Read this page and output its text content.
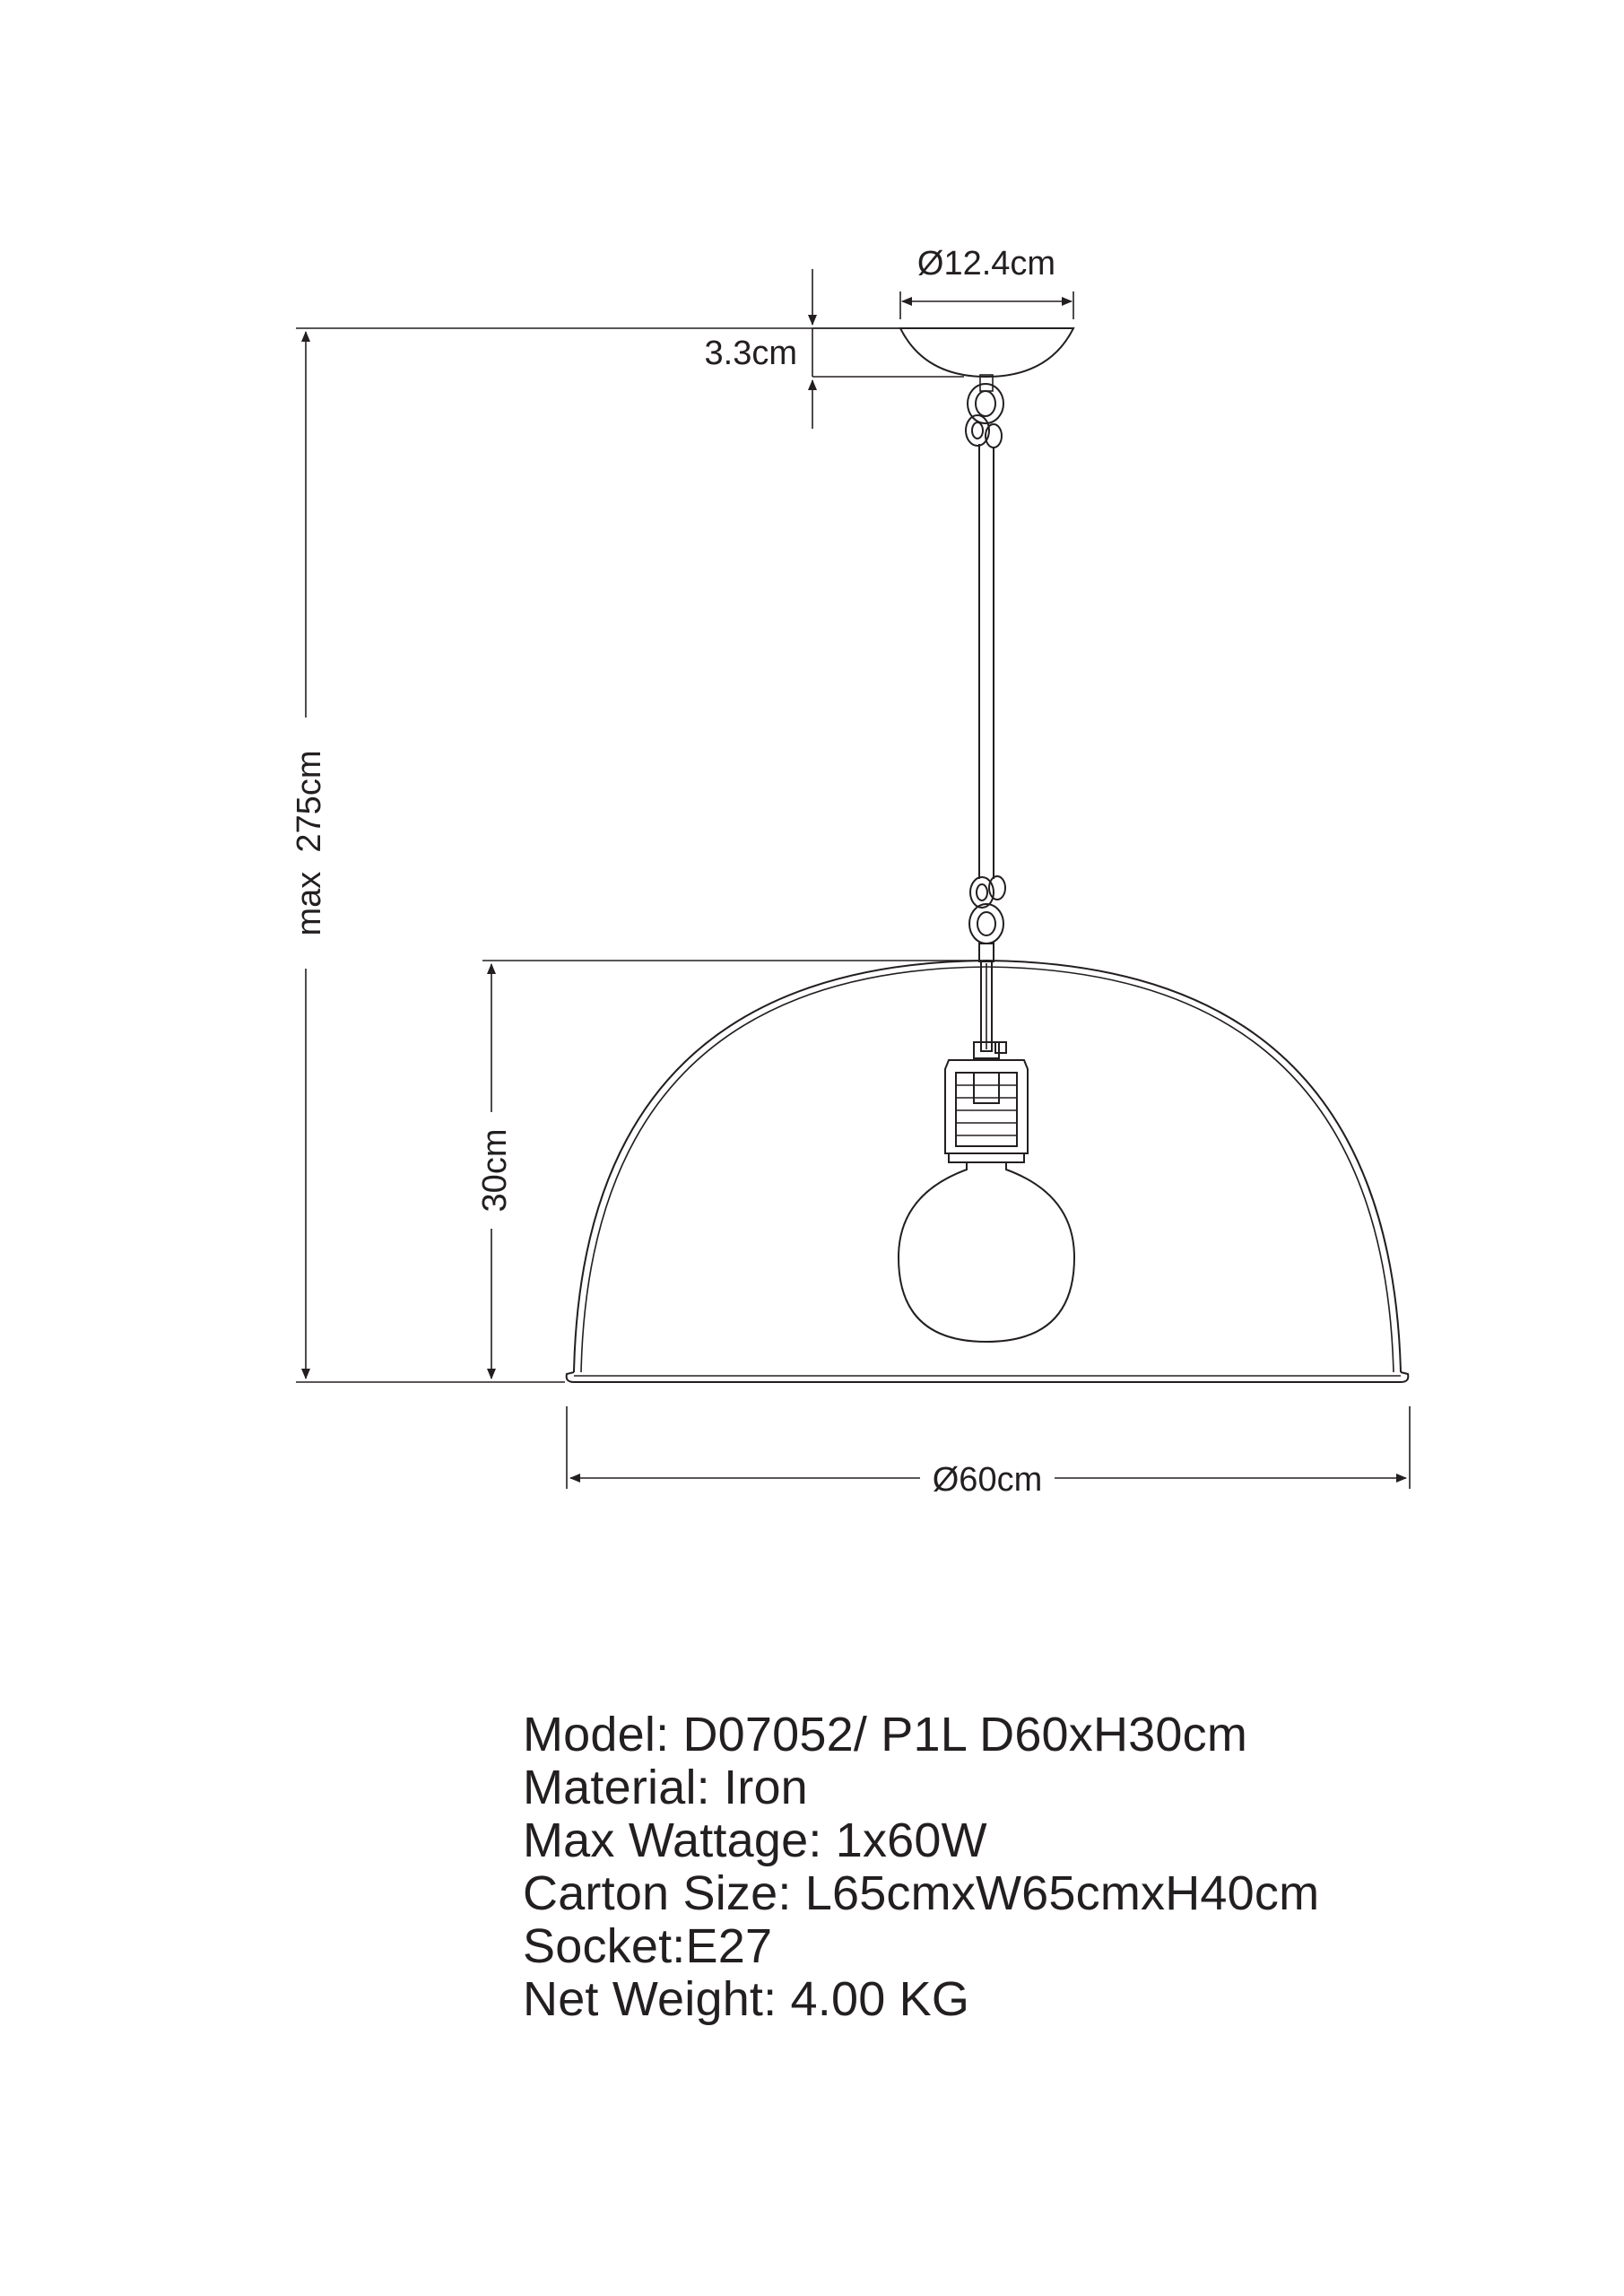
Ø12.4cm
3.3cm
max  275cm
30cm
Ø60cm
Model: D07052/ P1L D60xH30cm
Material: Iron
Max Wattage: 1x60W
Carton Size: L65cmxW65cmxH40cm
Socket:E27
Net Weight: 4.00 KG
